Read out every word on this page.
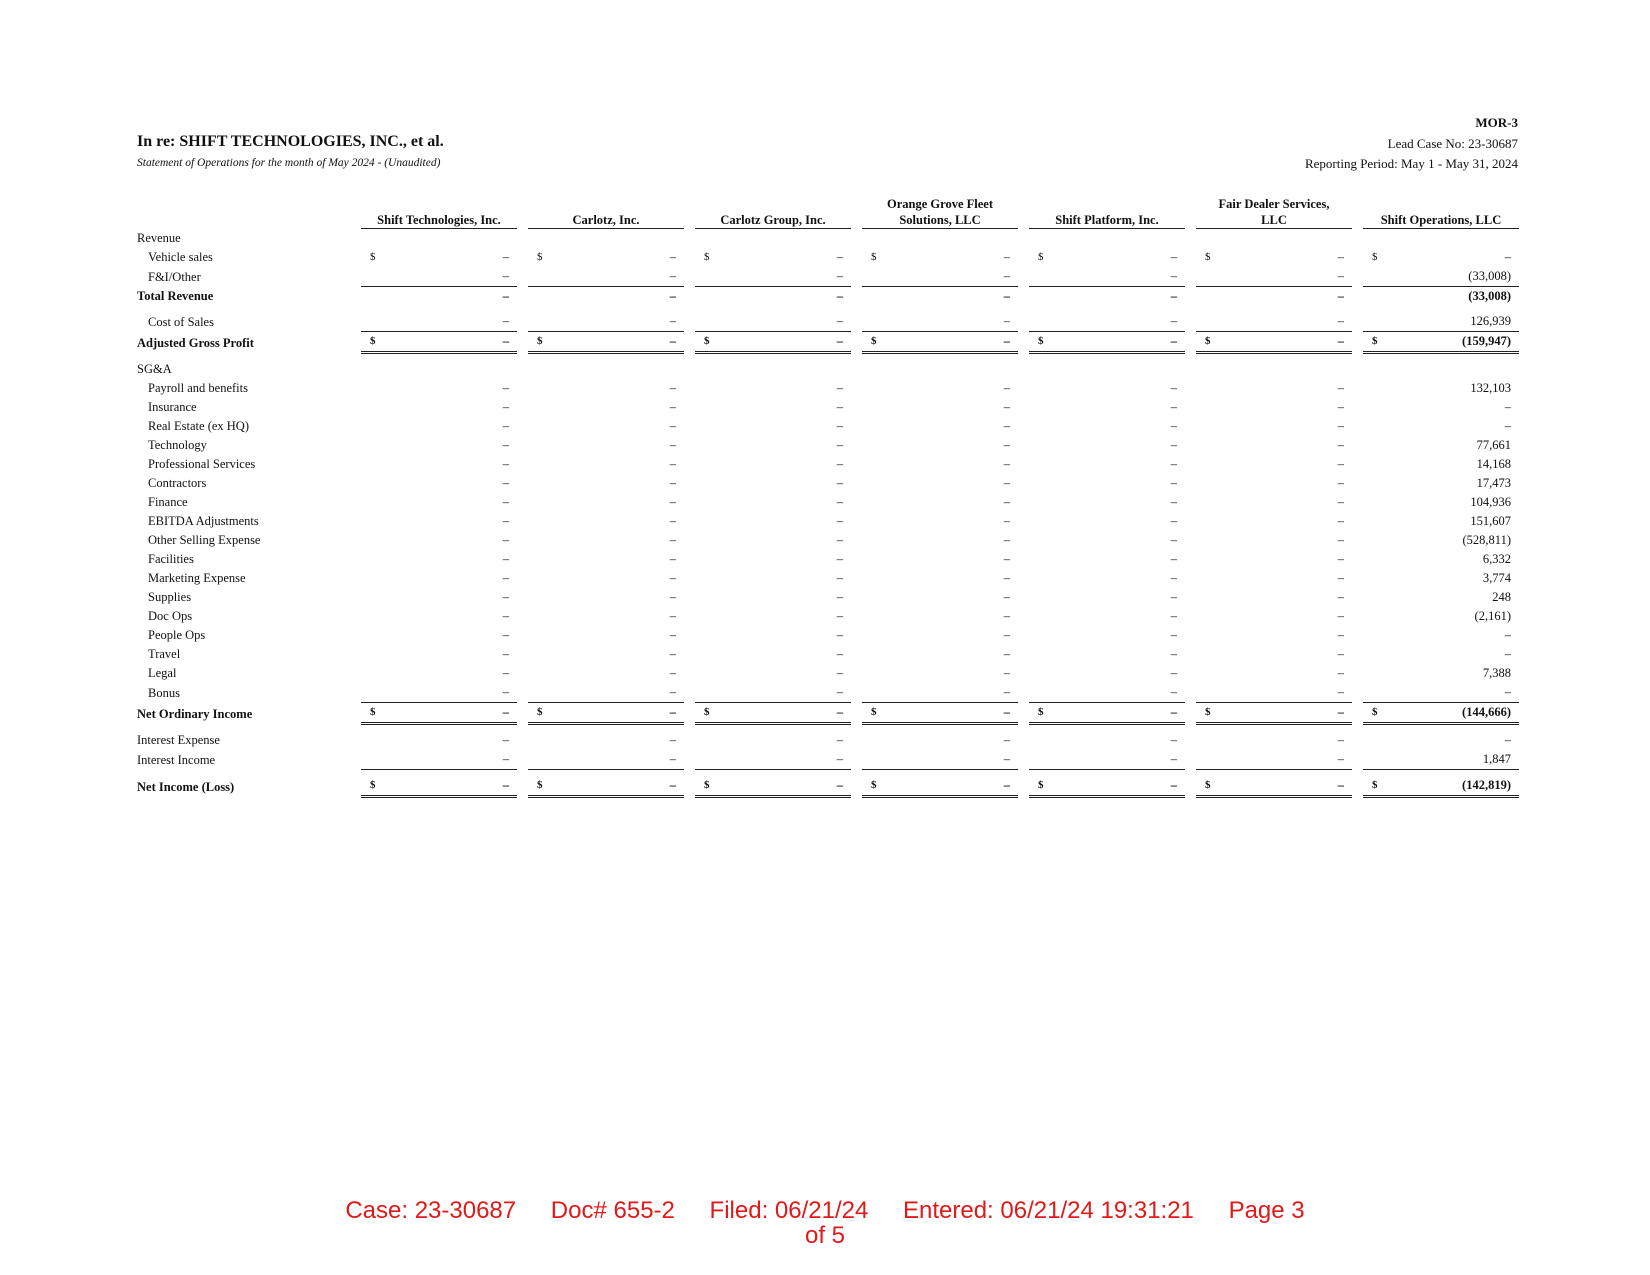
MOR-3
In re: SHIFT TECHNOLOGIES, INC., et al.	Lead Case No: 23-30687
Statement of Operations for the month of May 2024 - (Unaudited)	Reporting Period: May 1 - May 31, 2024
	Shift Technologies, Inc.			Carlotz, Inc.			Carlotz Group, Inc.			Orange Grove Fleet Solutions, LLC			Shift Platform, Inc.			Fair Dealer Services, LLC			Shift Operations, LLC	
Revenue																				
Vehicle sales	$	–		$	–		$	–		$	–		$	–		$	–		$	–
F&I/Other		–			–			–			–			–			–			(33,008)
Total Revenue		–			–			–			–			–			–			(33,008)

Cost of Sales		–			–			–			–			–			–			126,939
Adjusted Gross Profit	$	–		$	–		$	–		$	–		$	–		$	–		$	(159,947)

SG&A																				
Payroll and benefits		–			–			–			–			–			–			132,103
Insurance		–			–			–			–			–			–			–
Real Estate (ex HQ)		–			–			–			–			–			–			–
Technology		–			–			–			–			–			–			77,661
Professional Services		–			–			–			–			–			–			14,168
Contractors		–			–			–			–			–			–			17,473
Finance		–			–			–			–			–			–			104,936
EBITDA Adjustments		–			–			–			–			–			–			151,607
Other Selling Expense		–			–			–			–			–			–			(528,811)
Facilities		–			–			–			–			–			–			6,332
Marketing Expense		–			–			–			–			–			–			3,774
Supplies		–			–			–			–			–			–			248
Doc Ops		–			–			–			–			–			–			(2,161)
People Ops		–			–			–			–			–			–			–
Travel		–			–			–			–			–			–			–
Legal		–			–			–			–			–			–			7,388
Bonus		–			–			–			–			–			–			–
Net Ordinary Income	$	–		$	–		$	–		$	–		$	–		$	–		$	(144,666)

Interest Expense		–			–			–			–			–			–			–
Interest Income		–			–			–			–			–			–			1,847

Net Income (Loss)	$	–		$	–		$	–		$	–		$	–		$	–		$	(142,819)
Case: 23-30687 Doc# 655-2 Filed: 06/21/24 Entered: 06/21/24 19:31:21 Page 3
of 5
